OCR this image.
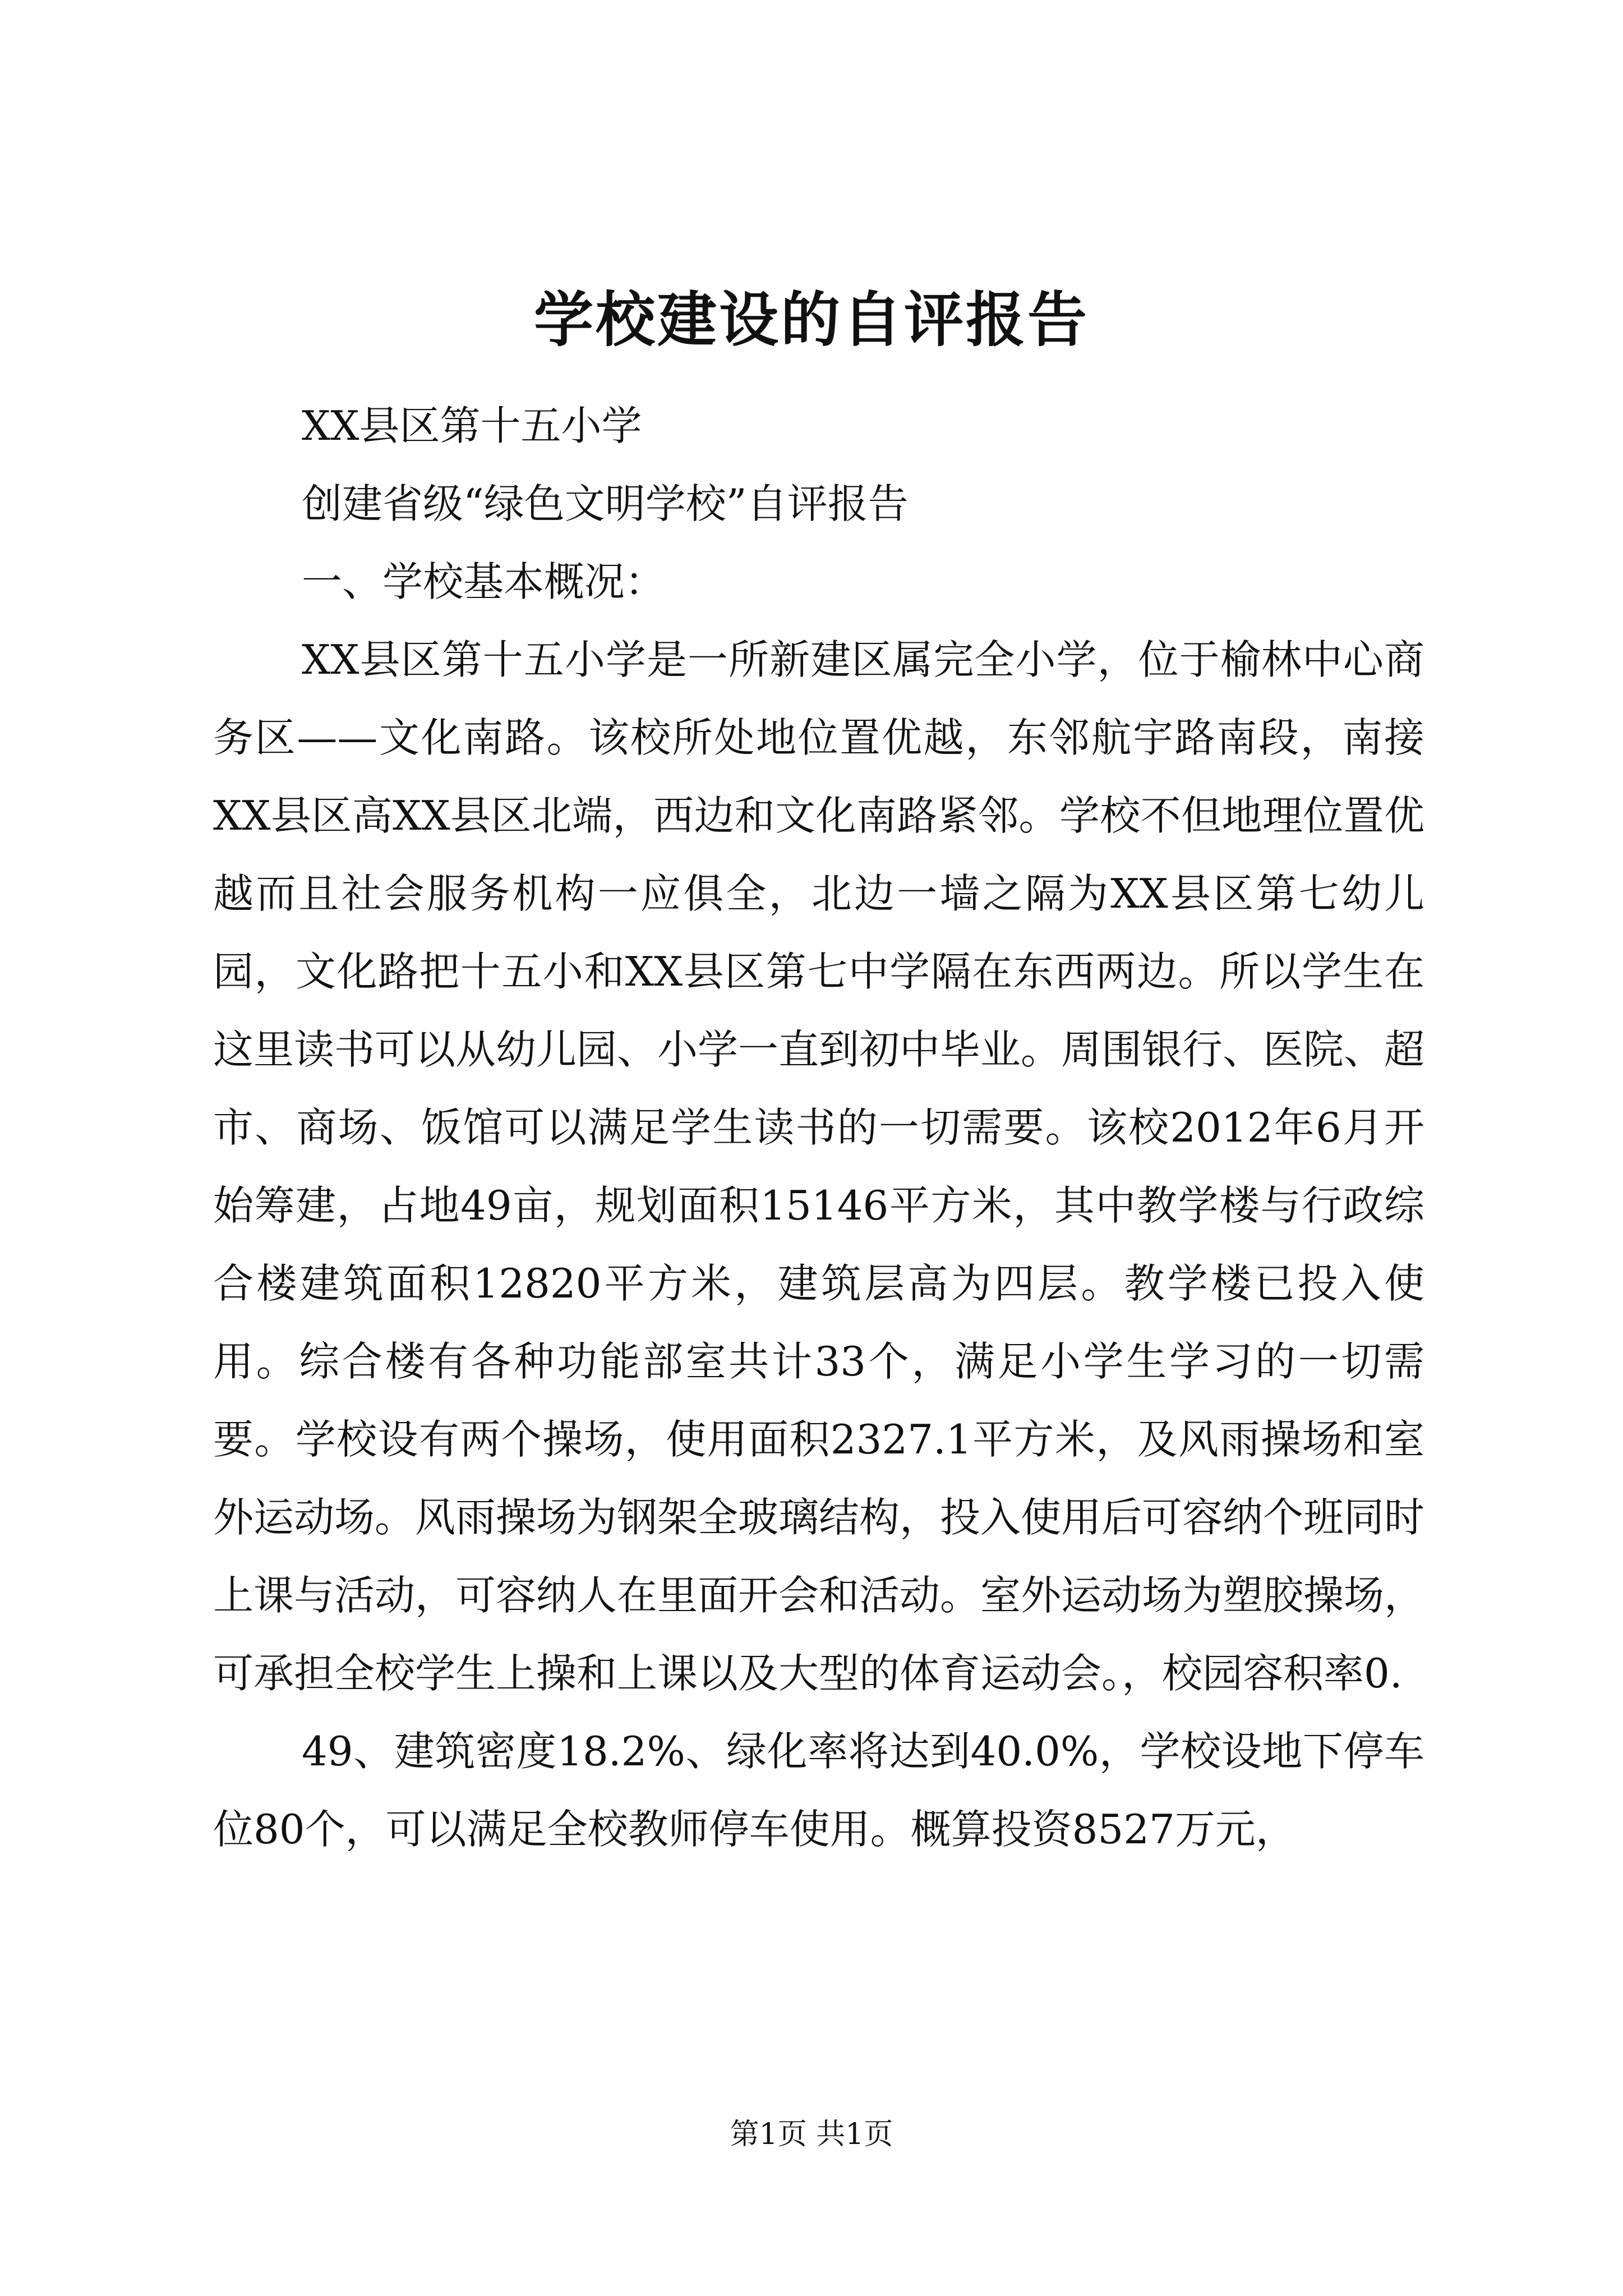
学校建设的自评报告

XX县区第十五小学

创建省级“绿色文明学校”自评报告

一、学校基本概况：

XX县区第十五小学是一所新建区属完全小学，位于榆林中心商务区——文化南路。该校所处地位置优越，东邻航宇路南段，南接XX县区高XX县区北端，西边和文化南路紧邻。学校不但地理位置优越而且社会服务机构一应俱全，北边一墙之隔为XX县区第七幼儿园，文化路把十五小和XX县区第七中学隔在东西两边。所以学生在这里读书可以从幼儿园、小学一直到初中毕业。周围银行、医院、超市、商场、饭馆可以满足学生读书的一切需要。该校2012年6月开始筹建，占地49亩，规划面积15146平方米，其中教学楼与行政综合楼建筑面积12820平方米，建筑层高为四层。教学楼已投入使用。综合楼有各种功能部室共计33个，满足小学生学习的一切需要。学校设有两个操场，使用面积2327.1平方米，及风雨操场和室外运动场。风雨操场为钢架全玻璃结构，投入使用后可容纳个班同时上课与活动，可容纳人在里面开会和活动。室外运动场为塑胶操场，可承担全校学生上操和上课以及大型的体育运动会。，校园容积率0.

49、建筑密度18.2%、绿化率将达到40.0%，学校设地下停车位80个，可以满足全校教师停车使用。概算投资8527万元，

第1页 共1页
